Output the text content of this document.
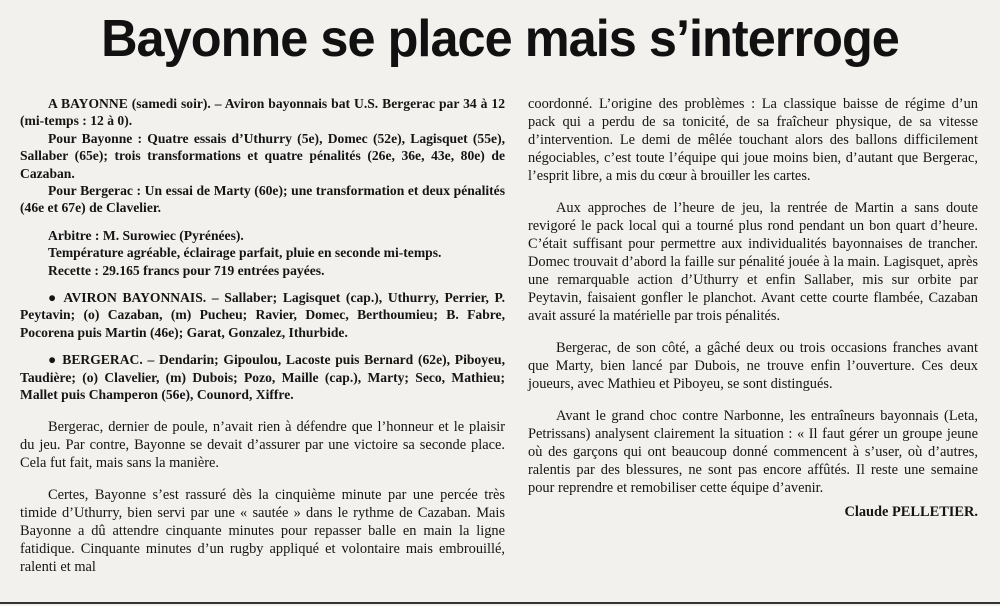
Bayonne se place mais s’interroge

A BAYONNE (samedi soir). – Aviron bayonnais bat U.S. Bergerac par 34 à 12 (mi-temps : 12 à 0).

Pour Bayonne : Quatre essais d’Uthurry (5e), Domec (52e), Lagisquet (55e), Sallaber (65e); trois transformations et quatre pénalités (26e, 36e, 43e, 80e) de Cazaban.

Pour Bergerac : Un essai de Marty (60e); une transformation et deux pénalités (46e et 67e) de Clavelier.

Arbitre : M. Surowiec (Pyrénées).

Température agréable, éclairage parfait, pluie en seconde mi-temps.

Recette : 29.165 francs pour 719 entrées payées.

● AVIRON BAYONNAIS. – Sallaber; Lagisquet (cap.), Uthurry, Perrier, P. Peytavin; (o) Cazaban, (m) Pucheu; Ravier, Domec, Berthoumieu; B. Fabre, Pocorena puis Martin (46e); Garat, Gonzalez, Ithurbide.

● BERGERAC. – Dendarin; Gipoulou, Lacoste puis Bernard (62e), Piboyeu, Taudière; (o) Clavelier, (m) Dubois; Pozo, Maille (cap.), Marty; Seco, Mathieu; Mallet puis Champeron (56e), Counord, Xiffre.

Bergerac, dernier de poule, n’avait rien à défendre que l’honneur et le plaisir du jeu. Par contre, Bayonne se devait d’assurer par une victoire sa seconde place. Cela fut fait, mais sans la manière.

Certes, Bayonne s’est rassuré dès la cinquième minute par une percée très timide d’Uthurry, bien servi par une « sautée » dans le rythme de Cazaban. Mais Bayonne a dû attendre cinquante minutes pour repasser balle en main la ligne fatidique. Cinquante minutes d’un rugby appliqué et volontaire mais embrouillé, ralenti et mal

coordonné. L’origine des problèmes : La classique baisse de régime d’un pack qui a perdu de sa tonicité, de sa fraîcheur physique, de sa vitesse d’intervention. Le demi de mêlée touchant alors des ballons difficilement négociables, c’est toute l’équipe qui joue moins bien, d’autant que Bergerac, l’esprit libre, a mis du cœur à brouiller les cartes.

Aux approches de l’heure de jeu, la rentrée de Martin a sans doute revigoré le pack local qui a tourné plus rond pendant un bon quart d’heure. C’était suffisant pour permettre aux individualités bayonnaises de trancher. Domec trouvait d’abord la faille sur pénalité jouée à la main. Lagisquet, après une remarquable action d’Uthurry et enfin Sallaber, mis sur orbite par Peytavin, faisaient gonfler le planchot. Avant cette courte flambée, Cazaban avait assuré la matérielle par trois pénalités.

Bergerac, de son côté, a gâché deux ou trois occasions franches avant que Marty, bien lancé par Dubois, ne trouve enfin l’ouverture. Ces deux joueurs, avec Mathieu et Piboyeu, se sont distingués.

Avant le grand choc contre Narbonne, les entraîneurs bayonnais (Leta, Petrissans) analysent clairement la situation : « Il faut gérer un groupe jeune où des garçons qui ont beaucoup donné commencent à s’user, où d’autres, ralentis par des blessures, ne sont pas encore affûtés. Il reste une semaine pour reprendre et remobiliser cette équipe d’avenir.

Claude PELLETIER.
